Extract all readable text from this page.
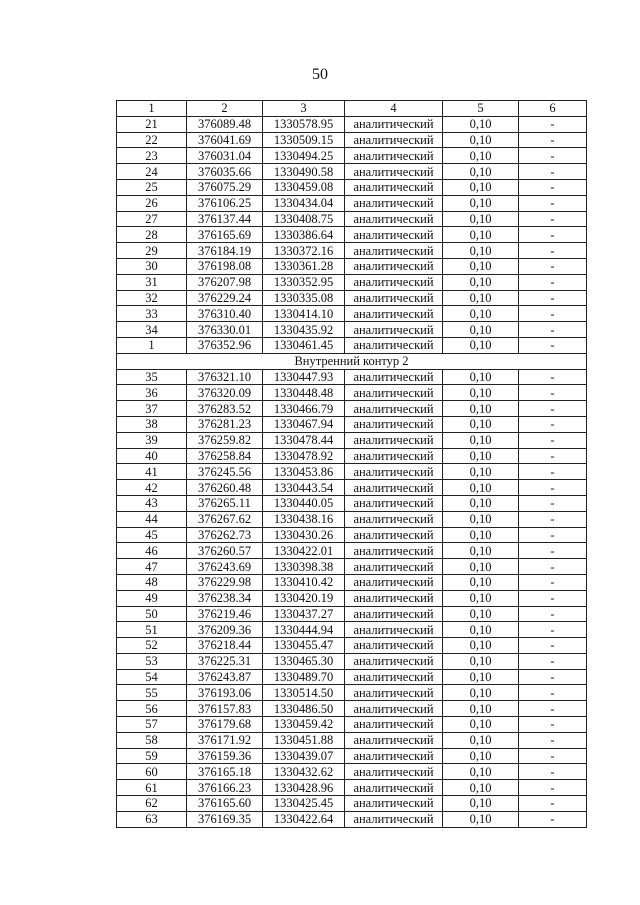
50
1	2	3	4	5	6
21	376089.48	1330578.95	аналитический	0,10	-
22	376041.69	1330509.15	аналитический	0,10	-
23	376031.04	1330494.25	аналитический	0,10	-
24	376035.66	1330490.58	аналитический	0,10	-
25	376075.29	1330459.08	аналитический	0,10	-
26	376106.25	1330434.04	аналитический	0,10	-
27	376137.44	1330408.75	аналитический	0,10	-
28	376165.69	1330386.64	аналитический	0,10	-
29	376184.19	1330372.16	аналитический	0,10	-
30	376198.08	1330361.28	аналитический	0,10	-
31	376207.98	1330352.95	аналитический	0,10	-
32	376229.24	1330335.08	аналитический	0,10	-
33	376310.40	1330414.10	аналитический	0,10	-
34	376330.01	1330435.92	аналитический	0,10	-
1	376352.96	1330461.45	аналитический	0,10	-
Внутренний контур 2					
35	376321.10	1330447.93	аналитический	0,10	-
36	376320.09	1330448.48	аналитический	0,10	-
37	376283.52	1330466.79	аналитический	0,10	-
38	376281.23	1330467.94	аналитический	0,10	-
39	376259.82	1330478.44	аналитический	0,10	-
40	376258.84	1330478.92	аналитический	0,10	-
41	376245.56	1330453.86	аналитический	0,10	-
42	376260.48	1330443.54	аналитический	0,10	-
43	376265.11	1330440.05	аналитический	0,10	-
44	376267.62	1330438.16	аналитический	0,10	-
45	376262.73	1330430.26	аналитический	0,10	-
46	376260.57	1330422.01	аналитический	0,10	-
47	376243.69	1330398.38	аналитический	0,10	-
48	376229.98	1330410.42	аналитический	0,10	-
49	376238.34	1330420.19	аналитический	0,10	-
50	376219.46	1330437.27	аналитический	0,10	-
51	376209.36	1330444.94	аналитический	0,10	-
52	376218.44	1330455.47	аналитический	0,10	-
53	376225.31	1330465.30	аналитический	0,10	-
54	376243.87	1330489.70	аналитический	0,10	-
55	376193.06	1330514.50	аналитический	0,10	-
56	376157.83	1330486.50	аналитический	0,10	-
57	376179.68	1330459.42	аналитический	0,10	-
58	376171.92	1330451.88	аналитический	0,10	-
59	376159.36	1330439.07	аналитический	0,10	-
60	376165.18	1330432.62	аналитический	0,10	-
61	376166.23	1330428.96	аналитический	0,10	-
62	376165.60	1330425.45	аналитический	0,10	-
63	376169.35	1330422.64	аналитический	0,10	-
